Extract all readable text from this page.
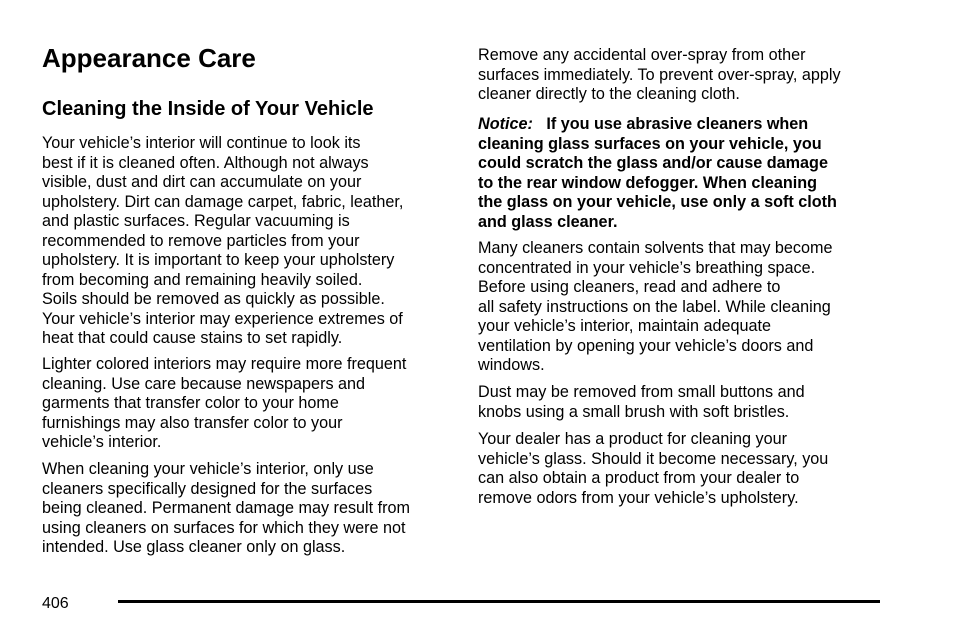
Appearance Care
Cleaning the Inside of Your Vehicle

Your vehicle’s interior will continue to look its
best if it is cleaned often. Although not always
visible, dust and dirt can accumulate on your
upholstery. Dirt can damage carpet, fabric, leather,
and plastic surfaces. Regular vacuuming is
recommended to remove particles from your
upholstery. It is important to keep your upholstery
from becoming and remaining heavily soiled.
Soils should be removed as quickly as possible.
Your vehicle’s interior may experience extremes of
heat that could cause stains to set rapidly.

Lighter colored interiors may require more frequent
cleaning. Use care because newspapers and
garments that transfer color to your home
furnishings may also transfer color to your
vehicle’s interior.

When cleaning your vehicle’s interior, only use
cleaners specifically designed for the surfaces
being cleaned. Permanent damage may result from
using cleaners on surfaces for which they were not
intended. Use glass cleaner only on glass.

Remove any accidental over-spray from other
surfaces immediately. To prevent over-spray, apply
cleaner directly to the cleaning cloth.

Notice: If you use abrasive cleaners when
cleaning glass surfaces on your vehicle, you
could scratch the glass and/or cause damage
to the rear window defogger. When cleaning
the glass on your vehicle, use only a soft cloth
and glass cleaner.

Many cleaners contain solvents that may become
concentrated in your vehicle’s breathing space.
Before using cleaners, read and adhere to
all safety instructions on the label. While cleaning
your vehicle’s interior, maintain adequate
ventilation by opening your vehicle’s doors and
windows.

Dust may be removed from small buttons and
knobs using a small brush with soft bristles.

Your dealer has a product for cleaning your
vehicle’s glass. Should it become necessary, you
can also obtain a product from your dealer to
remove odors from your vehicle’s upholstery.

406
